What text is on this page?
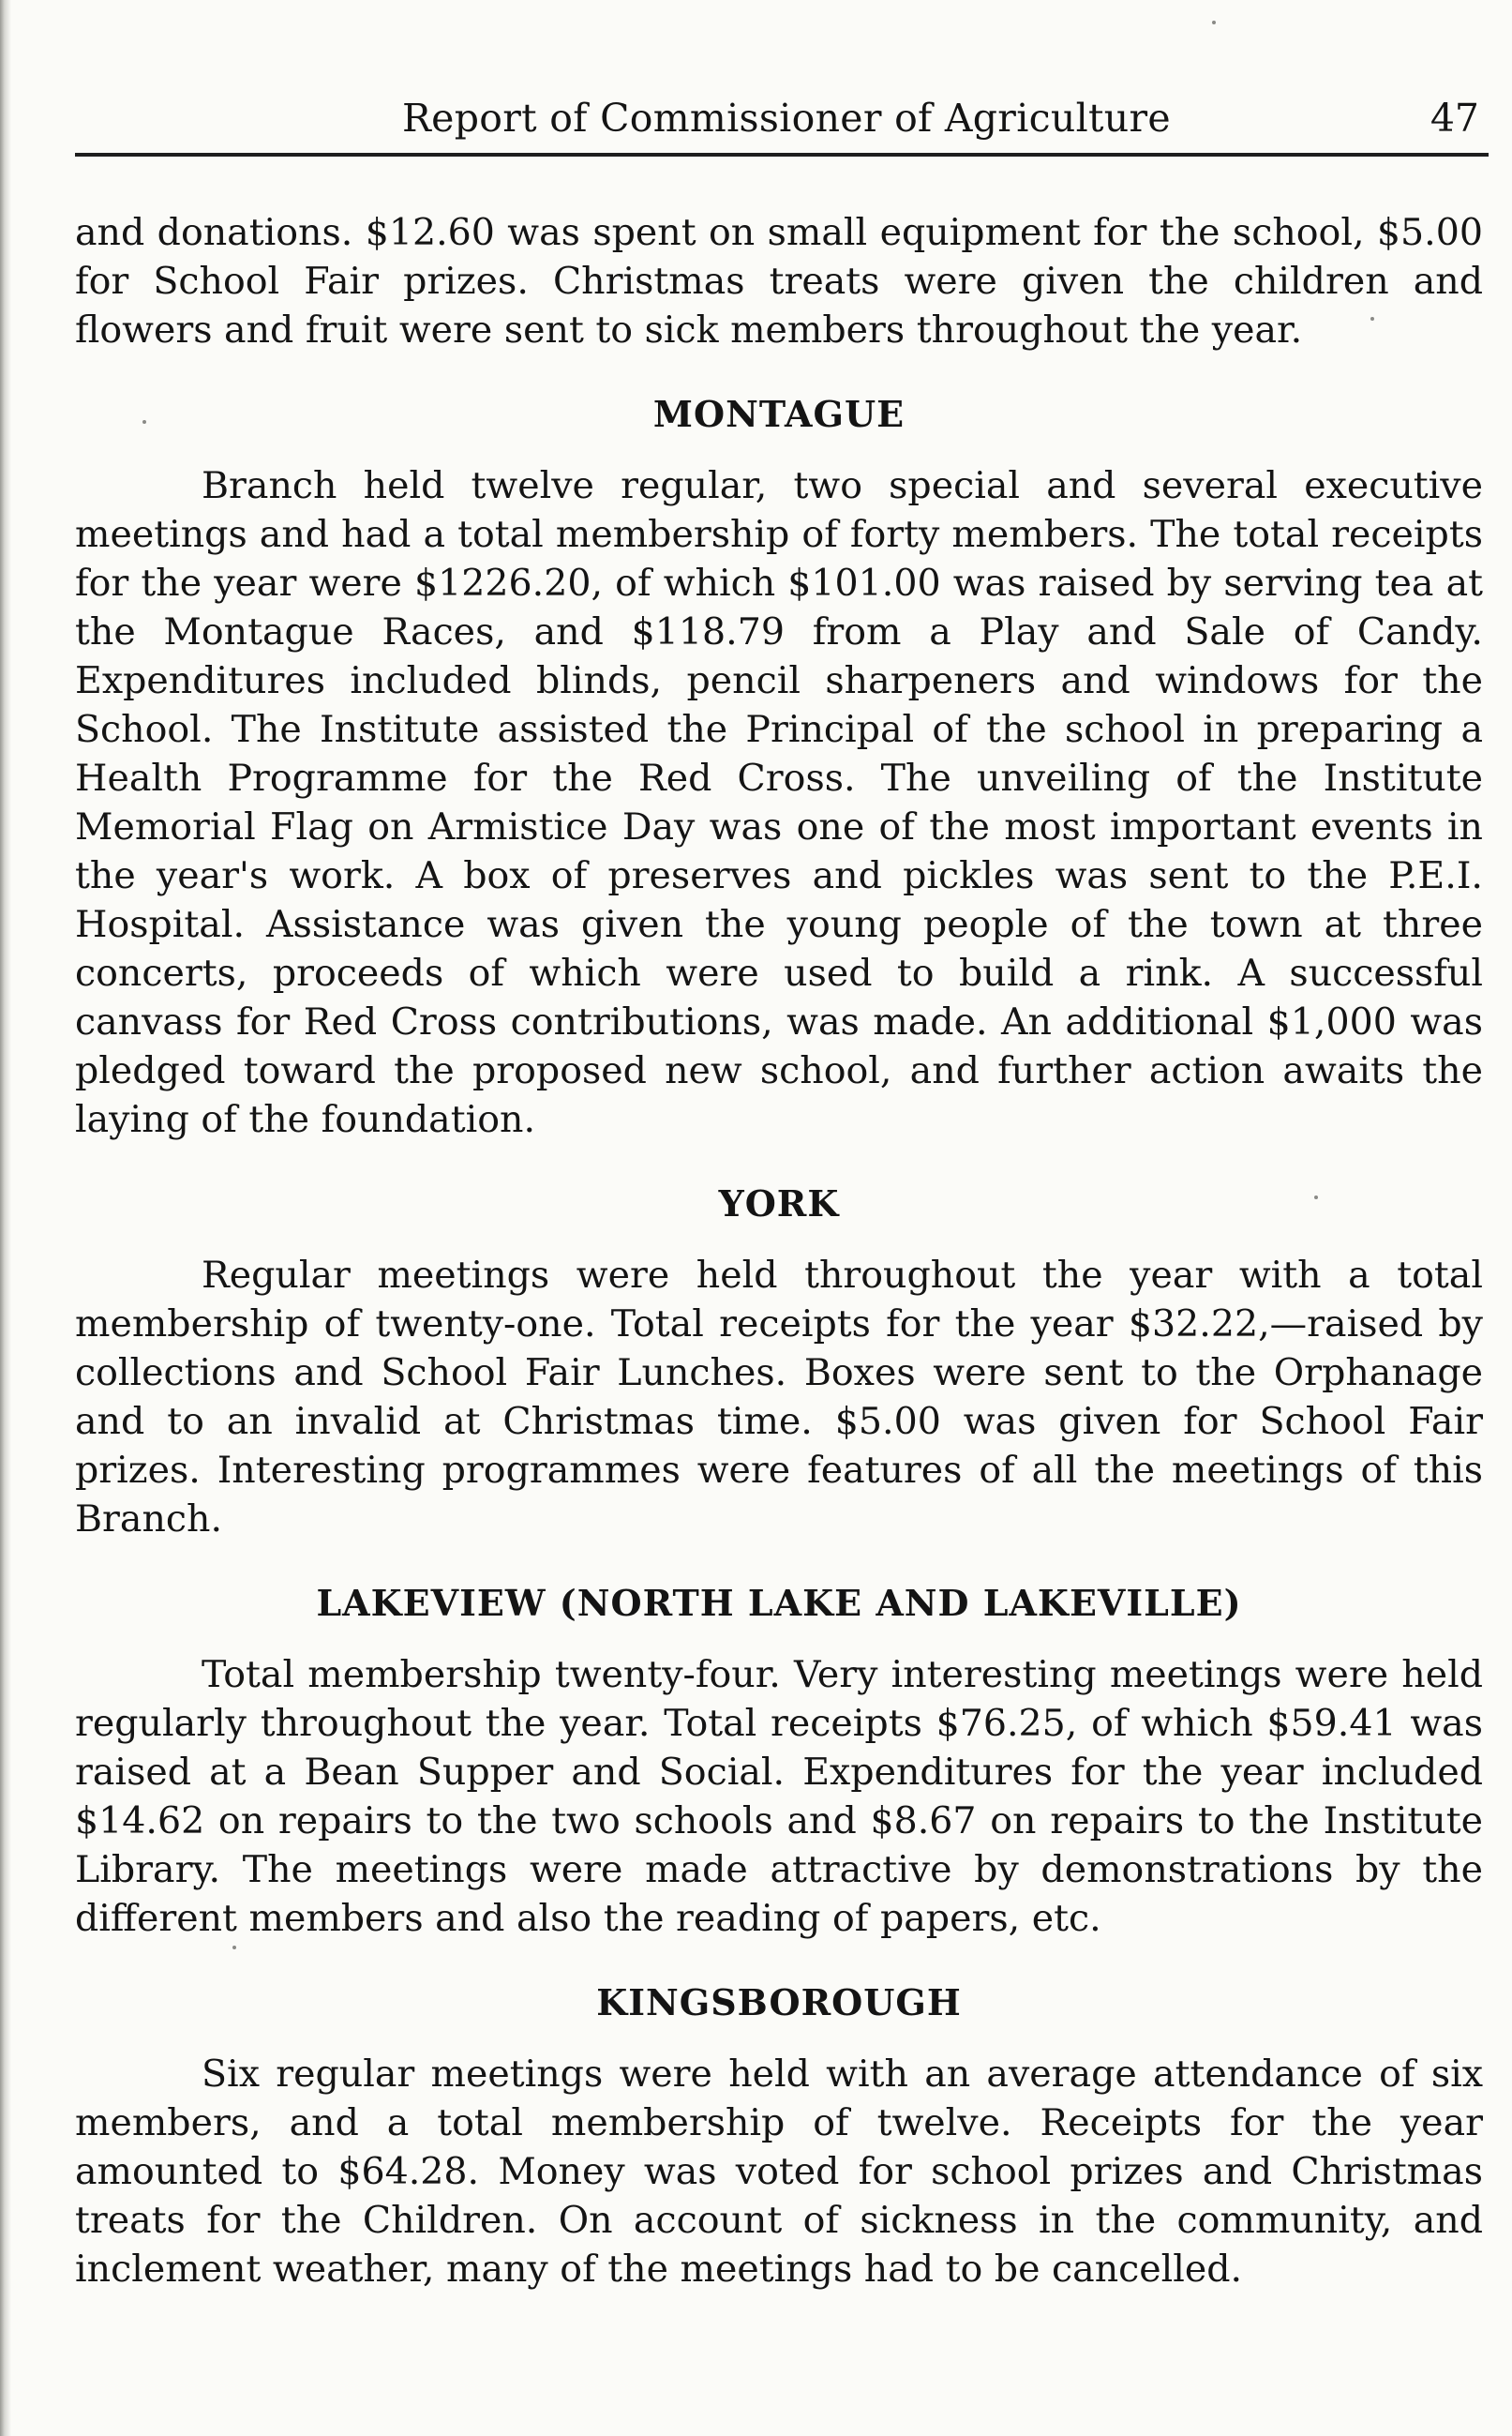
Report of Commissioner of Agriculture	47

and donations. $12.60 was spent on small equipment for the school, $5.00 for School Fair prizes. Christmas treats were given the children and flowers and fruit were sent to sick members throughout the year.

MONTAGUE

Branch held twelve regular, two special and several executive meetings and had a total membership of forty members. The total receipts for the year were $1226.20, of which $101.00 was raised by serving tea at the Montague Races, and $118.79 from a Play and Sale of Candy. Expenditures included blinds, pencil sharpeners and windows for the School. The Institute assisted the Principal of the school in preparing a Health Programme for the Red Cross. The unveiling of the Institute Memorial Flag on Armistice Day was one of the most important events in the year's work. A box of preserves and pickles was sent to the P.E.I. Hospital. Assistance was given the young people of the town at three concerts, proceeds of which were used to build a rink. A successful canvass for Red Cross contributions, was made. An additional $1,000 was pledged toward the proposed new school, and further action awaits the laying of the foundation.

YORK

Regular meetings were held throughout the year with a total membership of twenty-one. Total receipts for the year $32.22,—raised by collections and School Fair Lunches. Boxes were sent to the Orphanage and to an invalid at Christmas time. $5.00 was given for School Fair prizes. Interesting programmes were features of all the meetings of this Branch.

LAKEVIEW (NORTH LAKE AND LAKEVILLE)

Total membership twenty-four. Very interesting meetings were held regularly throughout the year. Total receipts $76.25, of which $59.41 was raised at a Bean Supper and Social. Expenditures for the year included $14.62 on repairs to the two schools and $8.67 on repairs to the Institute Library. The meetings were made attractive by demonstrations by the different members and also the reading of papers, etc.

KINGSBOROUGH

Six regular meetings were held with an average attendance of six members, and a total membership of twelve. Receipts for the year amounted to $64.28. Money was voted for school prizes and Christmas treats for the Children. On account of sickness in the community, and inclement weather, many of the meetings had to be cancelled.
